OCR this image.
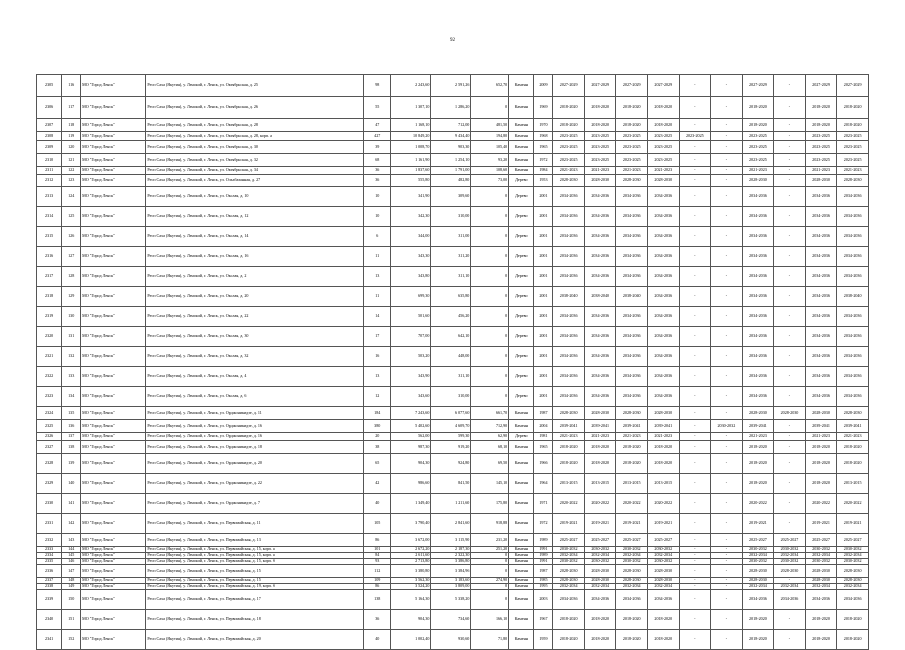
92
2305	116	МО "Город Ленск"	Респ Саха (Якутия), у. Ленский, г. Ленск, ул. Октябрьская, д. 25	98	2 243,60	2 591,26	652,70	Каменн	2009	2027-2029	2027-2029	2027-2029	2027-2029	-	-	2027-2029	-	2027-2029	2027-2029
2306	117	МО "Город Ленск"	Респ Саха (Якутия), у. Ленский, г. Ленск, ул. Октябрьская, д. 26	55	1 307,10	1 286,20	0	Каменн	1969	2018-2020	2018-2020	2018-2020	2018-2020	-	-	2018-2020	-	2018-2020	2018-2020
2307	118	МО "Город Ленск"	Респ Саха (Якутия), у. Ленский, г. Ленск, ул. Октябрьская, д. 28	47	1 168,10	712,00	481,50	Каменн	1970	2018-2020	2018-2020	2018-2020	2018-2020	-	-	2018-2020	-	2018-2020	2018-2020
2308	119	МО "Город Ленск"	Респ Саха (Якутия), у. Ленский, г. Ленск, ул. Октябрьская, д. 28, корп. а	427	10 849,20	9 434,40	194,80	Каменн	1968	2023-2025	2023-2025	2023-2025	2023-2025	2023-2025	-	2023-2025	-	2023-2025	2023-2025
2309	120	МО "Город Ленск"	Респ Саха (Якутия), у. Ленский, г. Ленск, ул. Октябрьская, д. 30	39	1 008,70	903,30	105,40	Каменн	1965	2023-2025	2023-2025	2023-2025	2023-2025	-	-	2023-2025	-	2023-2025	2023-2025
2310	121	МО "Город Ленск"	Респ Саха (Якутия), у. Ленский, г. Ленск, ул. Октябрьская, д. 32	68	1 161,90	1 254,10	93,20	Каменн	1972	2023-2025	2023-2025	2023-2025	2023-2025	-	-	2023-2025	-	2023-2025	2023-2025
2311	122	МО "Город Ленск"	Респ Саха (Якутия), у. Ленский, г. Ленск, ул. Октябрьская, д. 34	36	1 837,60	1 791,00	108,60	Каменн	1984	2021-2023	2021-2023	2021-2023	2021-2023	-	-	2021-2023	-	2021-2023	2021-2023
2312	123	МО "Город Ленск"	Респ Саха (Якутия), у. Ленский, г. Ленск, ул. Ольхбазанная, д. 27	36	555,80	482,80	73,00	Дерево	1953	2028-2030	2028-2030	2028-2030	2028-2030	-	-	2028-2030	-	2028-2030	2028-2030
2313	124	МО "Город Ленск"	Респ Саха (Якутия), у. Ленский, г. Ленск, ул. Окслая, д. 10	10	341,90	309,60	0	Дерево	2001	2034-2036	2034-2036	2034-2036	2034-2036	-	-	2034-2036	-	2034-2036	2034-2036
2314	125	МО "Город Ленск"	Респ Саха (Якутия), у. Ленский, г. Ленск, ул. Окслая, д. 12	10	342,30	310,00	0	Дерево	2001	2034-2036	2034-2036	2034-2036	2034-2036	-	-	2034-2036	-	2034-2036	2034-2036
2315	126	МО "Город Ленск"	Респ Саха (Якутия), у. Ленский, г. Ленск, ул. Окслая, д. 14	6	344,00	311,00	0	Дерево	2001	2034-2036	2034-2036	2034-2036	2034-2036	-	-	2034-2036	-	2034-2036	2034-2036
2316	127	МО "Город Ленск"	Респ Саха (Якутия), у. Ленский, г. Ленск, ул. Окслая, д. 16	11	343,30	311,20	0	Дерево	2001	2034-2036	2034-2036	2034-2036	2034-2036	-	-	2034-2036	-	2034-2036	2034-2036
2317	128	МО "Город Ленск"	Респ Саха (Якутия), у. Ленский, г. Ленск, ул. Окслая, д. 2	13	343,80	311,10	0	Дерево	2001	2034-2036	2034-2036	2034-2036	2034-2036	-	-	2034-2036	-	2034-2036	2034-2036
2318	129	МО "Город Ленск"	Респ Саха (Якутия), у. Ленский, г. Ленск, ул. Окслая, д. 20	11	699,30	635,80	0	Дерево	2001	2038-2040	2038-2040	2038-2040	2034-2036	-	-	2034-2036	-	2034-2036	2038-2040
2319	130	МО "Город Ленск"	Респ Саха (Якутия), у. Ленский, г. Ленск, ул. Окслая, д. 22	14	501,60	456,20	0	Дерево	2001	2034-2036	2034-2036	2034-2036	2034-2036	-	-	2034-2036	-	2034-2036	2034-2036
2320	131	МО "Город Ленск"	Респ Саха (Якутия), у. Ленский, г. Ленск, ул. Окслая, д. 30	17	707,00	642,10	0	Дерево	2001	2034-2036	2034-2036	2034-2036	2034-2036	-	-	2034-2036	-	2034-2036	2034-2036
2321	132	МО "Город Ленск"	Респ Саха (Якутия), у. Ленский, г. Ленск, ул. Окслая, д. 32	16	503,20	448,00	0	Дерево	2001	2034-2036	2034-2036	2034-2036	2034-2036	-	-	2034-2036	-	2034-2036	2034-2036
2322	133	МО "Город Ленск"	Респ Саха (Якутия), у. Ленский, г. Ленск, ул. Окслая, д. 4	13	343,90	311,10	0	Дерево	2001	2034-2036	2034-2036	2034-2036	2034-2036	-	-	2034-2036	-	2034-2036	2034-2036
2323	134	МО "Город Ленск"	Респ Саха (Якутия), у. Ленский, г. Ленск, ул. Окслая, д. 6	12	343,60	310,00	0	Дерево	2001	2034-2036	2034-2036	2034-2036	2034-2036	-	-	2034-2036	-	2034-2036	2034-2036
2324	135	МО "Город Ленск"	Респ Саха (Якутия), у. Ленский, г. Ленск, ул. Орджоникидзе, д. 11	184	7 243,60	6 077,60	661,70	Каменн	1987	2028-2030	2028-2030	2028-2030	2028-2030	-	-	2028-2030	2028-2030	2028-2030	2028-2030
2325	136	МО "Город Ленск"	Респ Саха (Якутия), у. Ленский, г. Ленск, ул. Орджоникидзе, д. 16	380	5 402,60	4 609,70	712,90	Каменн	2004	2039-2041	2039-2041	2039-2041	2039-2041	-	2030-2032	2039-2041	-	2039-2041	2039-2041
2326	137	МО "Город Ленск"	Респ Саха (Якутия), у. Ленский, г. Ленск, ул. Орджоникидзе, д. 16	20	562,00	599,30	62,90	Дерево	1981	2021-2023	2021-2023	2021-2023	2021-2023	-	-	2021-2023	-	2021-2023	2021-2023
2327	138	МО "Город Ленск"	Респ Саха (Якутия), у. Ленский, г. Ленск, ул. Орджоникидзе, д. 18	38	987,30	919,20	68,10	Каменн	1965	2018-2020	2018-2020	2018-2020	2018-2020	-	-	2018-2020	-	2018-2020	2018-2020
2328	139	МО "Город Ленск"	Респ Саха (Якутия), у. Ленский, г. Ленск, ул. Орджоникидзе, д. 20	65	904,30	924,80	69,50	Каменн	1966	2018-2020	2018-2020	2018-2020	2018-2020	-	-	2018-2020	-	2018-2020	2018-2020
2329	140	МО "Город Ленск"	Респ Саха (Якутия), у. Ленский, г. Ленск, ул. Орджоникидзе, д. 22	42	986,60	841,50	145,10	Каменн	1964	2013-2015	2013-2015	2013-2015	2013-2015	-	-	2018-2020	-	2018-2020	2013-2015
2330	141	МО "Город Ленск"	Респ Саха (Якутия), у. Ленский, г. Ленск, ул. Орджоникидзе, д. 7	40	1 349,40	1 211,60	175,80	Каменн	1971	2020-2022	2020-2022	2020-2022	2020-2022	-	-	2020-2022	-	2020-2022	2020-2022
2331	142	МО "Город Ленск"	Респ Саха (Якутия), у. Ленский, г. Ленск, ул. Первомайская, д. 11	105	3 790,40	2 841,60	918,88	Каменн	1972	2019-2021	2019-2021	2019-2021	2019-2021	-	-	2019-2021	-	2019-2021	2019-2021
2332	143	МО "Город Ленск"	Респ Саха (Якутия), у. Ленский, г. Ленск, ул. Первомайская, д. 13	86	3 672,00	3 115,90	231,20	Каменн	1989	2025-2027	2025-2027	2025-2027	2025-2027	-	-	2025-2027	2025-2027	2025-2027	2025-2027
2333	144	МО "Город Ленск"	Респ Саха (Якутия), у. Ленский, г. Ленск, ул. Первомайская, д. 15, корп. а	101	2 672,20	2 187,30	251,20	Каменн	1991	2030-2032	2030-2032	2030-2032	2030-2032	-	-	2030-2032	2030-2032	2030-2032	2030-2032
2334	145	МО "Город Ленск"	Респ Саха (Якутия), у. Ленский, г. Ленск, ул. Первомайская, д. 15, корп. а	84	2 611,60	2 322,30	0	Каменн	1989	2032-2034	2032-2034	2032-2034	2032-2034	-	-	2032-2034	2032-2034	2032-2034	2032-2034
2335	146	МО "Город Ленск"	Респ Саха (Якутия), у. Ленский, г. Ленск, ул. Первомайская, д. 15, корп. б	93	2 713,80	3 386,80	0	Каменн	1991	2030-2032	2030-2032	2030-2032	2030-2032	-	-	2030-2032	2030-2032	2030-2032	2030-2032
2336	147	МО "Город Ленск"	Респ Саха (Якутия), у. Ленский, г. Ленск, ул. Первомайская, д. 15	112	3 380,80	3 384,96	0	Каменн	1987	2028-2030	2028-2030	2028-2030	2028-2030	-	-	2028-2030	2028-2030	2028-2030	2028-2030
2337	148	МО "Город Ленск"	Респ Саха (Якутия), у. Ленский, г. Ленск, ул. Первомайская, д. 15	109	3 562,30	3 183,60	274,90	Каменн	1985	2028-2030	2028-2030	2028-2030	2028-2030	-	-	2028-2030	-	2028-2030	2028-2030
2338	149	МО "Город Ленск"	Респ Саха (Якутия), у. Ленский, г. Ленск, ул. Первомайская, д. 19, корп. б	86	3 524,20	3 809,00	0	Каменн	1995	2032-2034	2032-2034	2032-2034	2032-2034	-	-	2032-2034	2032-2034	2032-2034	2032-2034
2339	150	МО "Город Ленск"	Респ Саха (Якутия), у. Ленский, г. Ленск, ул. Первомайская, д. 17	138	5 164,30	5 338,20	0	Каменн	2003	2034-2036	2034-2036	2034-2036	2034-2036	-	-	2034-2036	2034-2036	2034-2036	2034-2036
2340	151	МО "Город Ленск"	Респ Саха (Якутия), у. Ленский, г. Ленск, ул. Первомайская, д. 18	36	904,30	734,60	166,10	Каменн	1967	2018-2020	2018-2020	2018-2020	2018-2020	-	-	2018-2020	-	2018-2020	2018-2020
2341	152	МО "Город Ленск"	Респ Саха (Якутия), у. Ленский, г. Ленск, ул. Первомайская, д. 20	40	1 002,40	930,60	71,80	Каменн	1959	2018-2020	2018-2020	2018-2020	2018-2020	-	-	2018-2020	-	2018-2020	2018-2020
